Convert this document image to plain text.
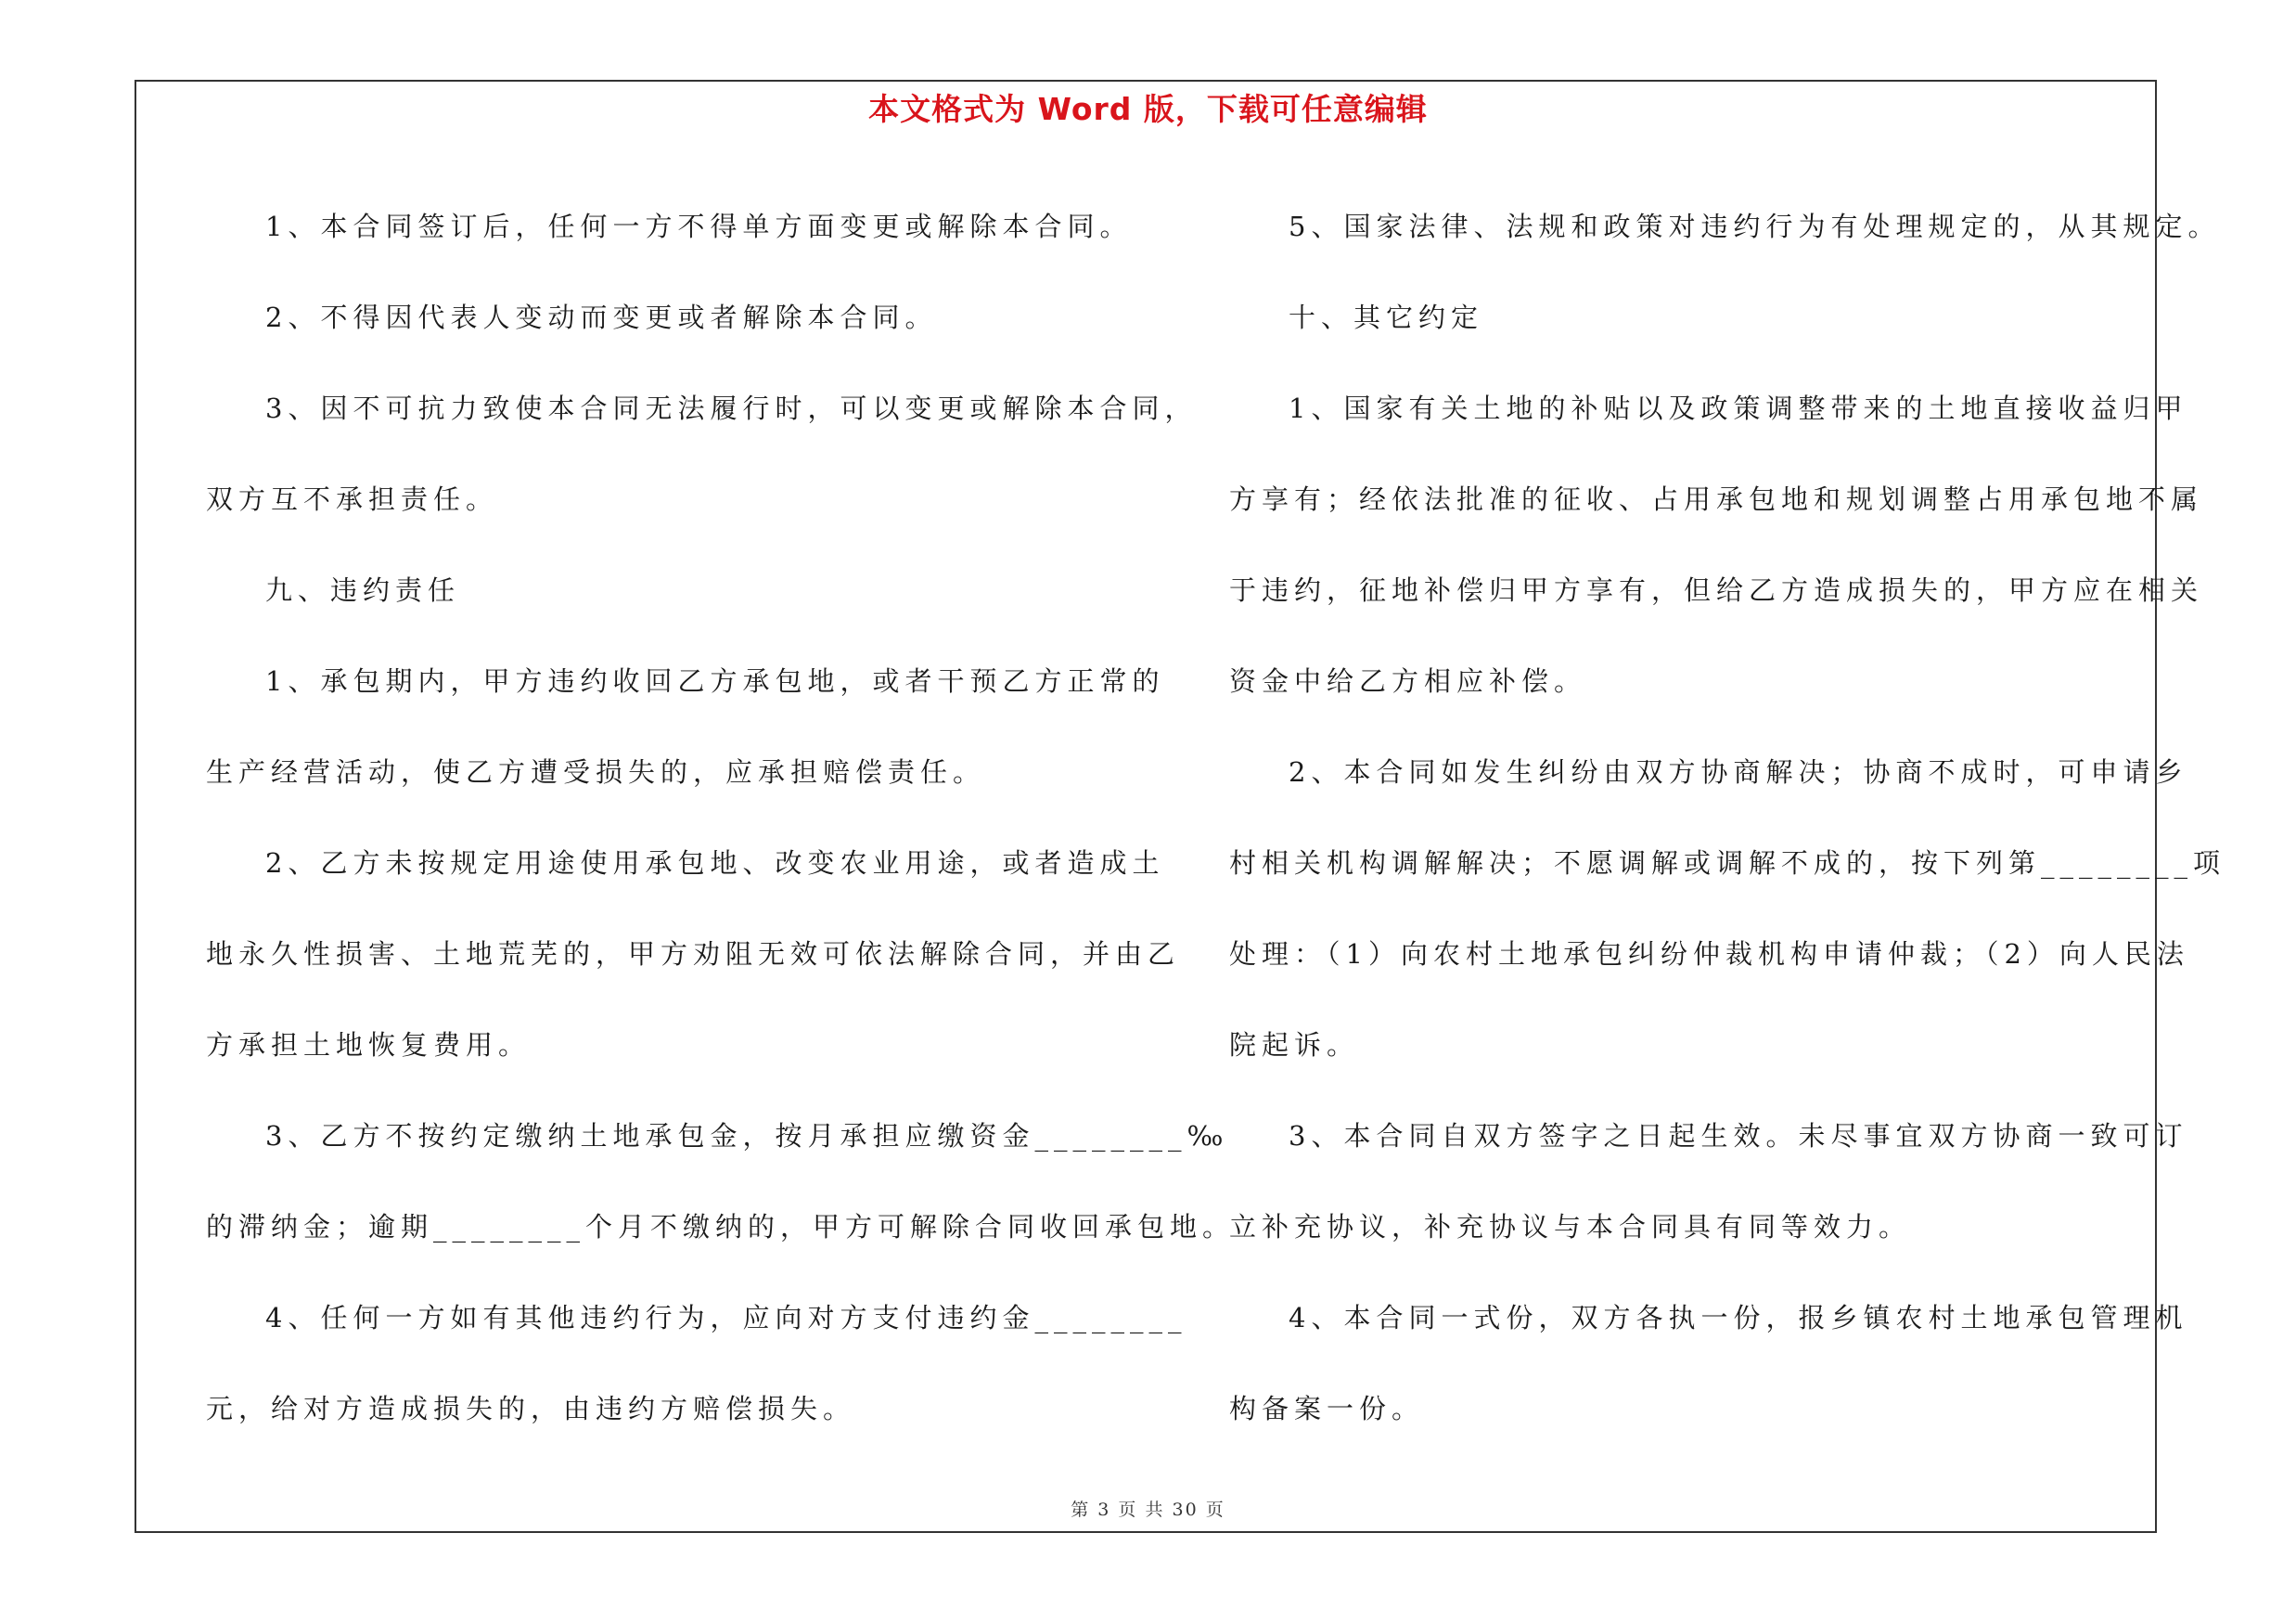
本文格式为 Word 版，下载可任意编辑
1、本合同签订后，任何一方不得单方面变更或解除本合同。
2、不得因代表人变动而变更或者解除本合同。
3、因不可抗力致使本合同无法履行时，可以变更或解除本合同，
双方互不承担责任。
九、违约责任
1、承包期内，甲方违约收回乙方承包地，或者干预乙方正常的
生产经营活动，使乙方遭受损失的，应承担赔偿责任。
2、乙方未按规定用途使用承包地、改变农业用途，或者造成土
地永久性损害、土地荒芜的，甲方劝阻无效可依法解除合同，并由乙
方承担土地恢复费用。
3、乙方不按约定缴纳土地承包金，按月承担应缴资金________‰
的滞纳金；逾期________个月不缴纳的，甲方可解除合同收回承包地。
4、任何一方如有其他违约行为，应向对方支付违约金________
元，给对方造成损失的，由违约方赔偿损失。
5、国家法律、法规和政策对违约行为有处理规定的，从其规定。
十、其它约定
1、国家有关土地的补贴以及政策调整带来的土地直接收益归甲
方享有；经依法批准的征收、占用承包地和规划调整占用承包地不属
于违约，征地补偿归甲方享有，但给乙方造成损失的，甲方应在相关
资金中给乙方相应补偿。
2、本合同如发生纠纷由双方协商解决；协商不成时，可申请乡
村相关机构调解解决；不愿调解或调解不成的，按下列第________项
处理：（1）向农村土地承包纠纷仲裁机构申请仲裁；（2）向人民法
院起诉。
3、本合同自双方签字之日起生效。未尽事宜双方协商一致可订
立补充协议，补充协议与本合同具有同等效力。
4、本合同一式份，双方各执一份，报乡镇农村土地承包管理机
构备案一份。
第 3 页 共 30 页
